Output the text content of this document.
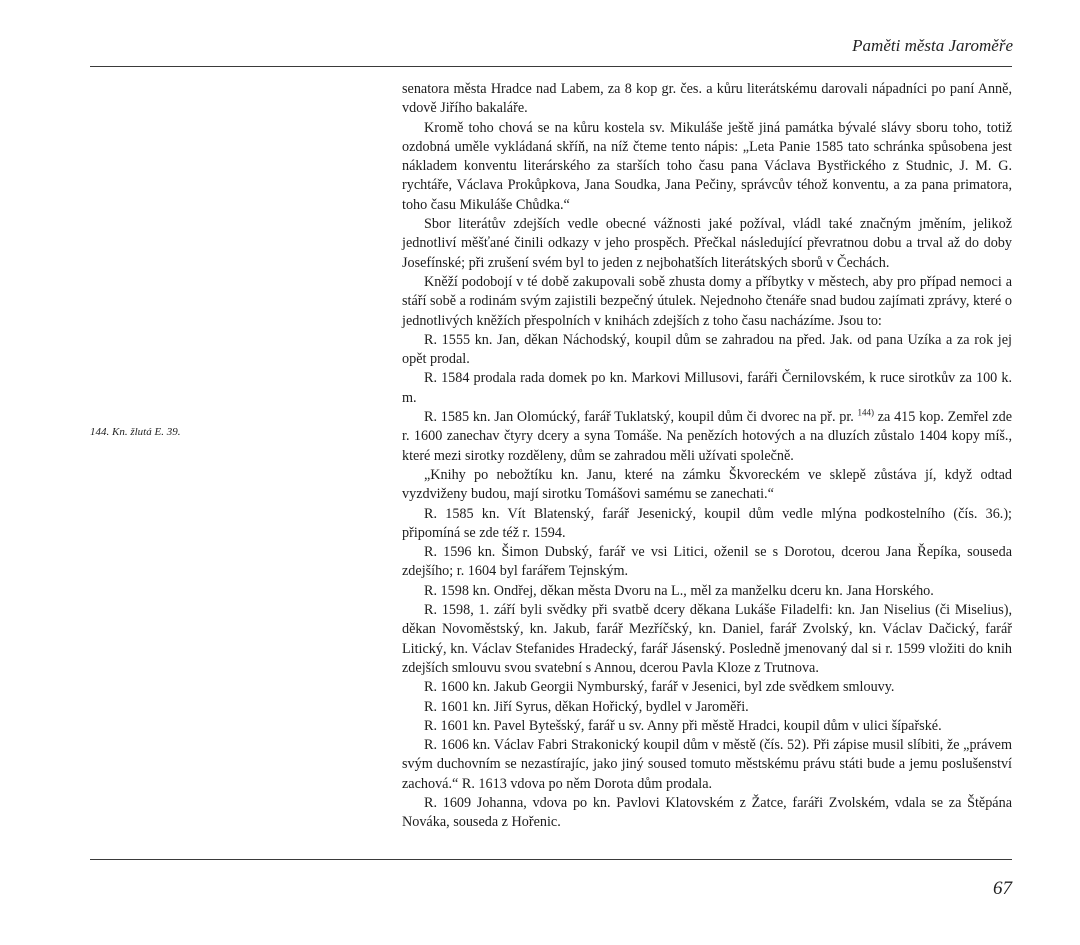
Paměti města Jaroměře
144. Kn. žlutá E. 39.

senatora města Hradce nad Labem, za 8 kop gr. čes. a kůru literátskému darovali nápadníci po paní Anně, vdově Jiřího bakaláře.

Kromě toho chová se na kůru kostela sv. Mikuláše ještě jiná památka bývalé slávy sboru toho, totiž ozdobná uměle vykládaná skříň, na níž čteme tento nápis: „Leta Panie 1585 tato schránka spůsobena jest nákladem konventu literárského za starších toho času pana Václava Bystřického z Studnic, J. M. G. rychtáře, Václava Prokůpkova, Jana Soudka, Jana Pečiny, správcův téhož konventu, a za pana primatora, toho času Mikuláše Chůdka.“

Sbor literátův zdejších vedle obecné vážnosti jaké požíval, vládl také značným jměním, jelikož jednotliví měšťané činili odkazy v jeho prospěch. Přečkal následující převratnou dobu a trval až do doby Josefínské; při zrušení svém byl to jeden z nejbohatších literátských sborů v Čechách.

Kněží podobojí v té době zakupovali sobě zhusta domy a příbytky v městech, aby pro případ nemoci a stáří sobě a rodinám svým zajistili bezpečný útulek. Nejednoho čtenáře snad budou zajímati zprávy, které o jednotlivých kněžích přespolních v knihách zdejších z toho času nacházíme. Jsou to:

R. 1555 kn. Jan, děkan Náchodský, koupil dům se zahradou na před. Jak. od pana Uzíka a za rok jej opět prodal.

R. 1584 prodala rada domek po kn. Markovi Millusovi, faráři Černilovském, k ruce sirotkův za 100 k. m.

R. 1585 kn. Jan Olomúcký, farář Tuklatský, koupil dům či dvorec na př. pr. $^{144)}$ za 415 kop. Zemřel zde r. 1600 zanechav čtyry dcery a syna Tomáše. Na penězích hotových a na dluzích zůstalo 1404 kopy míš., které mezi sirotky rozděleny, dům se zahradou měli užívati společně.

„Knihy po nebožtíku kn. Janu, které na zámku Škvoreckém ve sklepě zůstáva jí, když odtad vyzdviženy budou, mají sirotku Tomášovi samému se zanechati.“

R. 1585 kn. Vít Blatenský, farář Jesenický, koupil dům vedle mlýna podkostelního (čís. 36.); připomíná se zde též r. 1594.

R. 1596 kn. Šimon Dubský, farář ve vsi Litici, oženil se s Dorotou, dcerou Jana Řepíka, souseda zdejšího; r. 1604 byl farářem Tejnským.

R. 1598 kn. Ondřej, děkan města Dvoru na L., měl za manželku dceru kn. Jana Horského.

R. 1598, 1. září byli svědky při svatbě dcery děkana Lukáše Filadelfi: kn. Jan Niselius (či Miselius), děkan Novoměstský, kn. Jakub, farář Mezříčský, kn. Daniel, farář Zvolský, kn. Václav Dačický, farář Litický, kn. Václav Stefanides Hradecký, farář Jásenský. Posledně jmenovaný dal si r. 1599 vložiti do knih zdejších smlouvu svou svatební s Annou, dcerou Pavla Kloze z Trutnova.

R. 1600 kn. Jakub Georgii Nymburský, farář v Jesenici, byl zde svědkem smlouvy.

R. 1601 kn. Jiří Syrus, děkan Hořický, bydlel v Jaroměři.

R. 1601 kn. Pavel Bytešský, farář u sv. Anny při městě Hradci, koupil dům v ulici šípařské.

R. 1606 kn. Václav Fabri Strakonický koupil dům v městě (čís. 52). Při zápise musil slíbiti, že „právem svým duchovním se nezastírajíc, jako jiný soused tomuto městskému právu státi bude a jemu poslušenství zachová.“ R. 1613 vdova po něm Dorota dům prodala.

R. 1609 Johanna, vdova po kn. Pavlovi Klatovském z Žatce, faráři Zvolském, vdala se za Štěpána Nováka, souseda z Hořenic.

67
